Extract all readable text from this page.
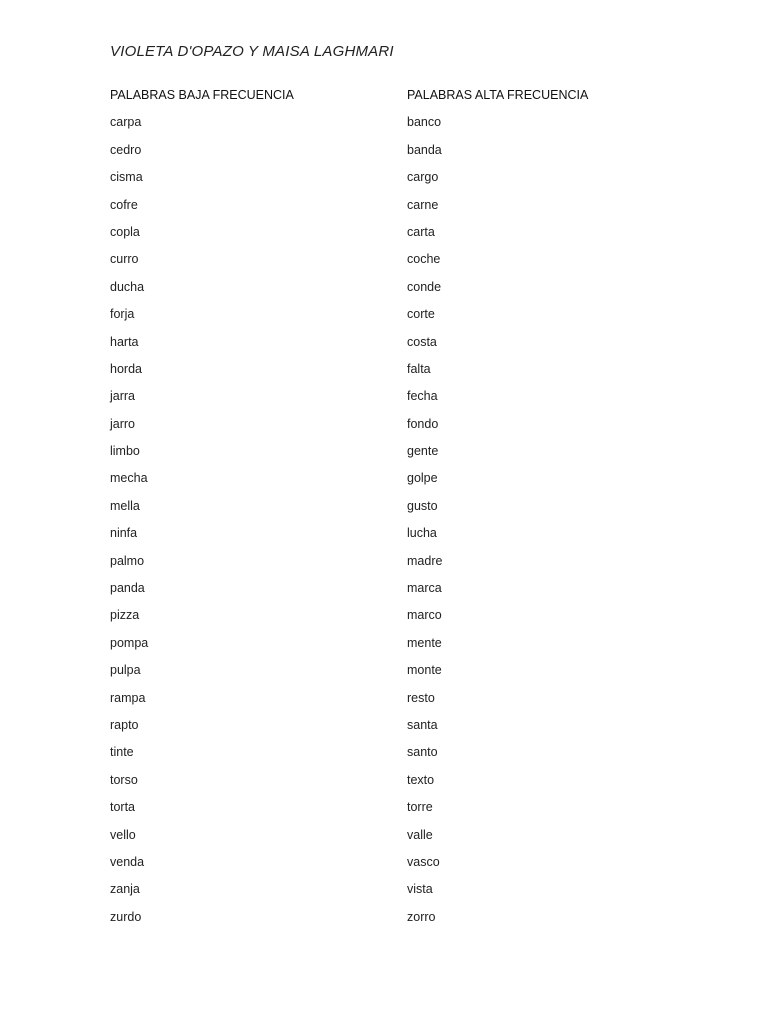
VIOLETA D'OPAZO Y MAISA LAGHMARI
PALABRAS BAJA FRECUENCIA
carpa
cedro
cisma
cofre
copla
curro
ducha
forja
harta
horda
jarra
jarro
limbo
mecha
mella
ninfa
palmo
panda
pizza
pompa
pulpa
rampa
rapto
tinte
torso
torta
vello
venda
zanja
zurdo
PALABRAS ALTA FRECUENCIA
banco
banda
cargo
carne
carta
coche
conde
corte
costa
falta
fecha
fondo
gente
golpe
gusto
lucha
madre
marca
marco
mente
monte
resto
santa
santo
texto
torre
valle
vasco
vista
zorro
